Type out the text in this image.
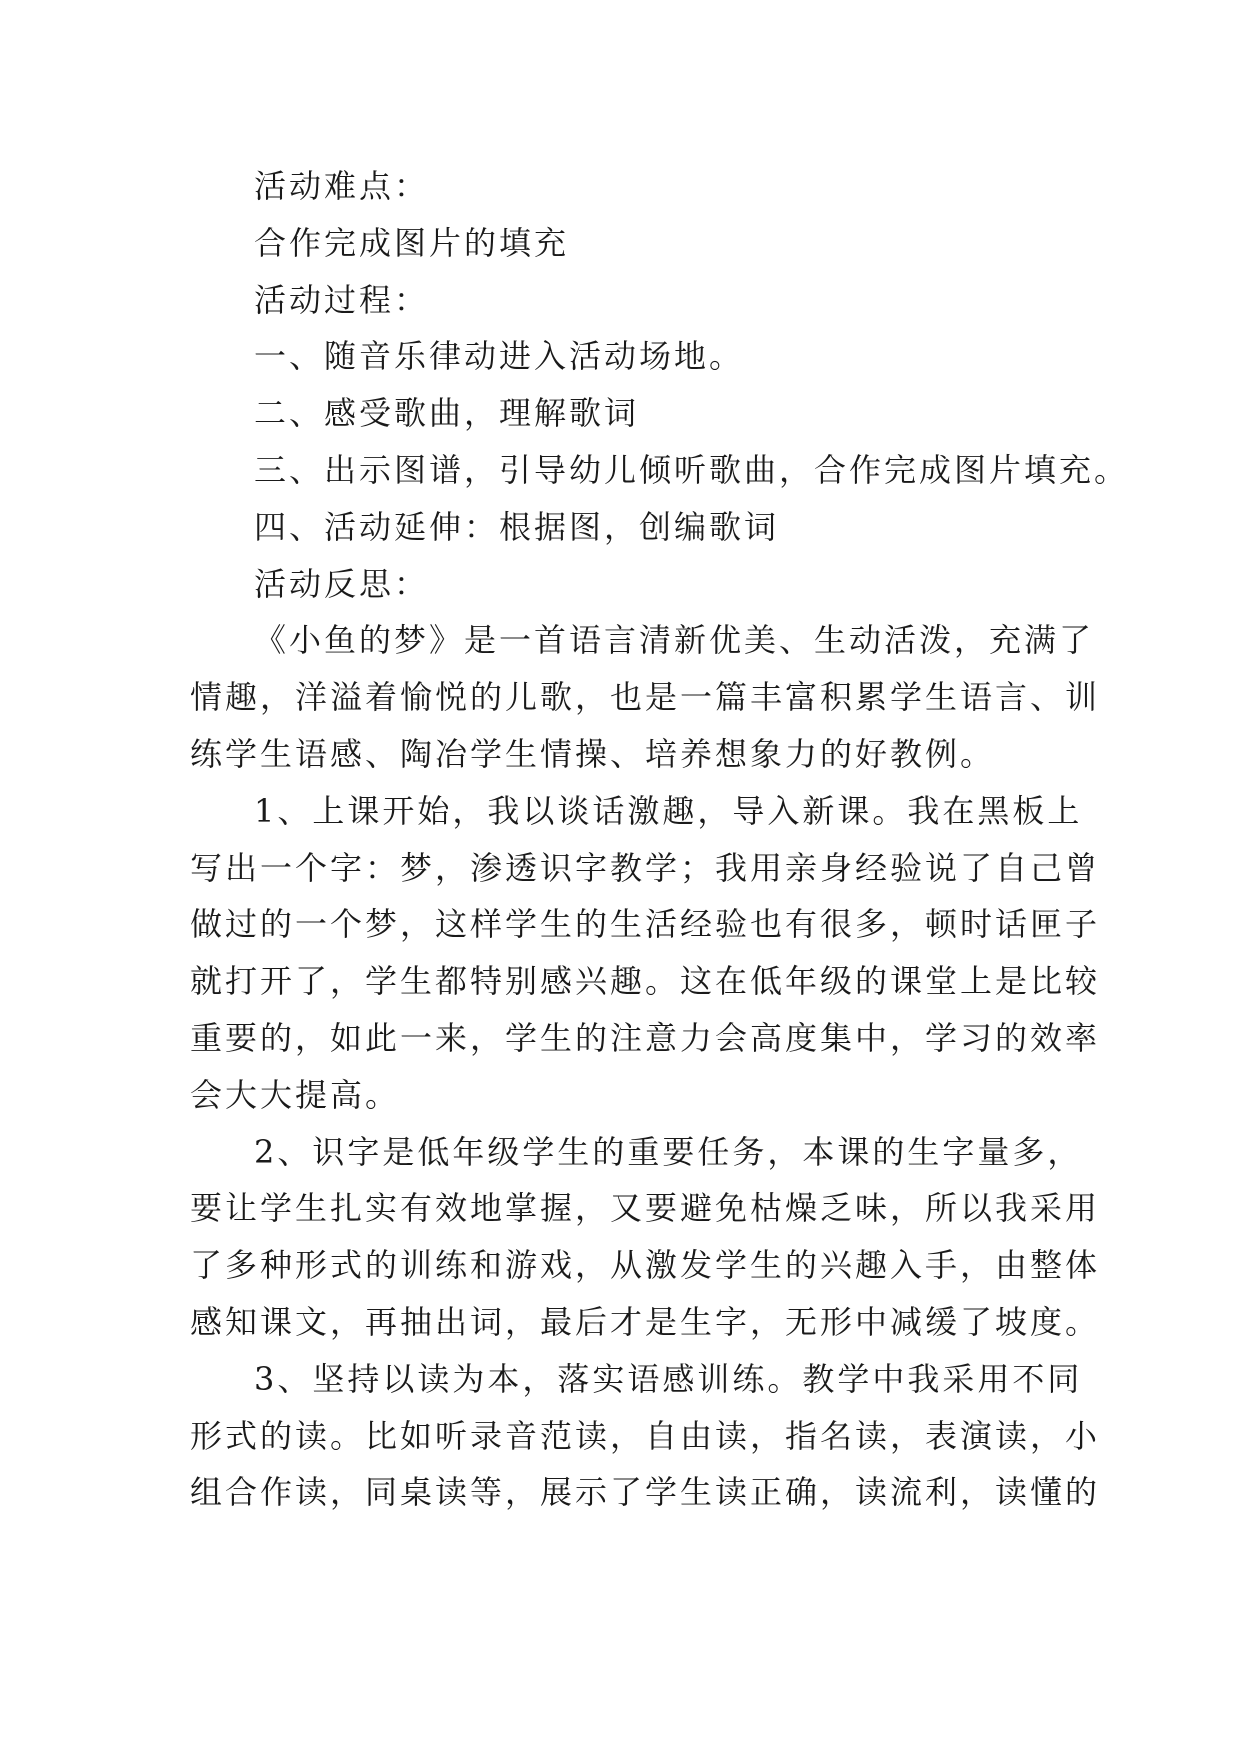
活动难点：

合作完成图片的填充

活动过程：

一、随音乐律动进入活动场地。

二、感受歌曲，理解歌词

三、出示图谱，引导幼儿倾听歌曲，合作完成图片填充。

四、活动延伸：根据图，创编歌词

活动反思：

《小鱼的梦》是一首语言清新优美、生动活泼，充满了

情趣，洋溢着愉悦的儿歌，也是一篇丰富积累学生语言、训

练学生语感、陶冶学生情操、培养想象力的好教例。

1、上课开始，我以谈话激趣，导入新课。我在黑板上

写出一个字：梦，渗透识字教学；我用亲身经验说了自己曾

做过的一个梦，这样学生的生活经验也有很多，顿时话匣子

就打开了，学生都特别感兴趣。这在低年级的课堂上是比较

重要的，如此一来，学生的注意力会高度集中，学习的效率

会大大提高。

2、识字是低年级学生的重要任务，本课的生字量多，

要让学生扎实有效地掌握，又要避免枯燥乏味，所以我采用

了多种形式的训练和游戏，从激发学生的兴趣入手，由整体

感知课文，再抽出词，最后才是生字，无形中减缓了坡度。

3、坚持以读为本，落实语感训练。教学中我采用不同

形式的读。比如听录音范读，自由读，指名读，表演读，小

组合作读，同桌读等，展示了学生读正确，读流利，读懂的
